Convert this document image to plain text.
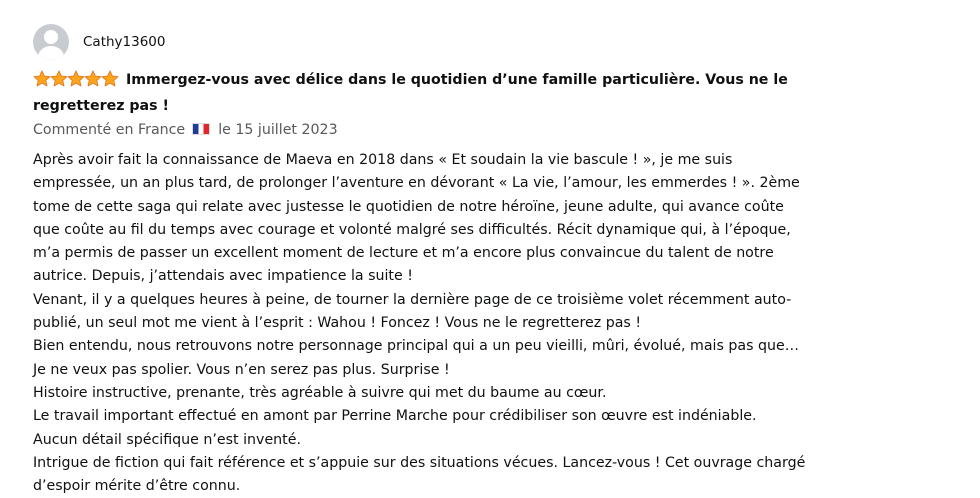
Cathy13600
Immergez-vous avec délice dans le quotidien d’une famille particulière. Vous ne le
regretterez pas !
Commenté en France le 15 juillet 2023
Après avoir fait la connaissance de Maeva en 2018 dans « Et soudain la vie bascule ! », je me suis
empressée, un an plus tard, de prolonger l’aventure en dévorant « La vie, l’amour, les emmerdes ! ». 2ème
tome de cette saga qui relate avec justesse le quotidien de notre héroïne, jeune adulte, qui avance coûte
que coûte au fil du temps avec courage et volonté malgré ses difficultés. Récit dynamique qui, à l’époque,
m’a permis de passer un excellent moment de lecture et m’a encore plus convaincue du talent de notre
autrice. Depuis, j’attendais avec impatience la suite !
Venant, il y a quelques heures à peine, de tourner la dernière page de ce troisième volet récemment auto-
publié, un seul mot me vient à l’esprit : Wahou ! Foncez ! Vous ne le regretterez pas !
Bien entendu, nous retrouvons notre personnage principal qui a un peu vieilli, mûri, évolué, mais pas que…
Je ne veux pas spolier. Vous n’en serez pas plus. Surprise !
Histoire instructive, prenante, très agréable à suivre qui met du baume au cœur.
Le travail important effectué en amont par Perrine Marche pour crédibiliser son œuvre est indéniable.
Aucun détail spécifique n’est inventé.
Intrigue de fiction qui fait référence et s’appuie sur des situations vécues. Lancez-vous ! Cet ouvrage chargé
d’espoir mérite d’être connu.
